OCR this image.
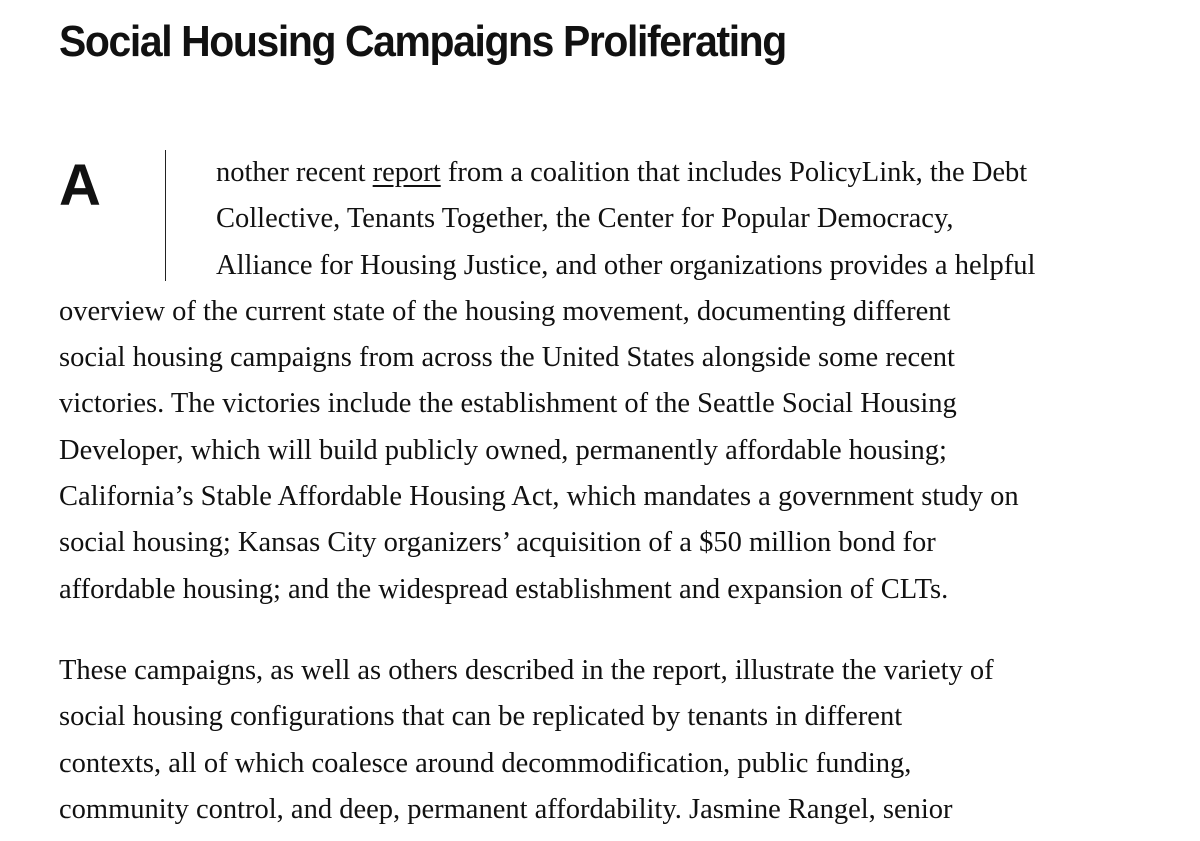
Social Housing Campaigns Proliferating
A	nother recent report from a coalition that includes PolicyLink, the Debt
Collective, Tenants Together, the Center for Popular Democracy,
Alliance for Housing Justice, and other organizations provides a helpful
overview of the current state of the housing movement, documenting different
social housing campaigns from across the United States alongside some recent
victories. The victories include the establishment of the Seattle Social Housing
Developer, which will build publicly owned, permanently affordable housing;
California’s Stable Affordable Housing Act, which mandates a government study on
social housing; Kansas City organizers’ acquisition of a $50 million bond for
affordable housing; and the widespread establishment and expansion of CLTs.
These campaigns, as well as others described in the report, illustrate the variety of
social housing configurations that can be replicated by tenants in different
contexts, all of which coalesce around decommodification, public funding,
community control, and deep, permanent affordability. Jasmine Rangel, senior
